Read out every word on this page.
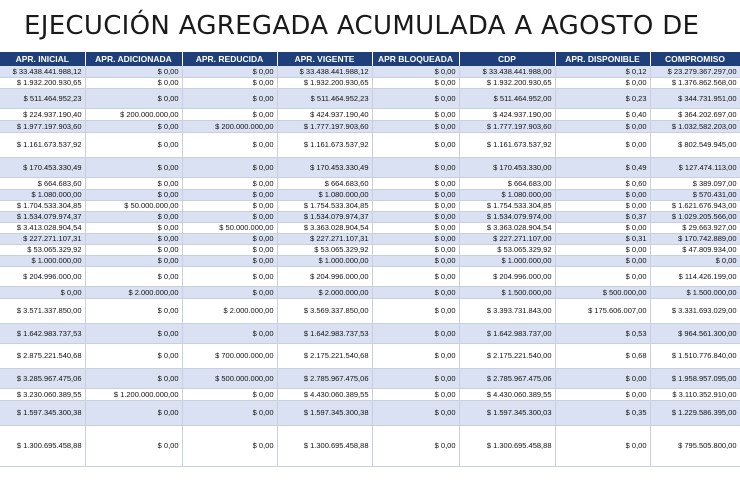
EJECUCIÓN AGREGADA ACUMULADA A AGOSTO DE
APR. INICIAL	APR. ADICIONADA	APR. REDUCIDA	APR. VIGENTE	APR BLOQUEADA	CDP	APR. DISPONIBLE	COMPROMISO
$ 33.438.441.988,12	$ 0,00	$ 0,00	$ 33.438.441.988,12	$ 0,00	$ 33.438.441.988,00	$ 0,12	$ 23.279.367.297,00
$ 1.932.200.930,65	$ 0,00	$ 0,00	$ 1.932.200.930,65	$ 0,00	$ 1.932.200.930,65	$ 0,00	$ 1.376.862.568,00
$ 511.464.952,23	$ 0,00	$ 0,00	$ 511.464.952,23	$ 0,00	$ 511.464.952,00	$ 0,23	$ 344.731.951,00
$ 224.937.190,40	$ 200.000.000,00	$ 0,00	$ 424.937.190,40	$ 0,00	$ 424.937.190,00	$ 0,40	$ 364.202.697,00
$ 1.977.197.903,60	$ 0,00	$ 200.000.000,00	$ 1.777.197.903,60	$ 0,00	$ 1.777.197.903,60	$ 0,00	$ 1.032.582.203,00
$ 1.161.673.537,92	$ 0,00	$ 0,00	$ 1.161.673.537,92	$ 0,00	$ 1.161.673.537,92	$ 0,00	$ 802.549.945,00
$ 170.453.330,49	$ 0,00	$ 0,00	$ 170.453.330,49	$ 0,00	$ 170.453.330,00	$ 0,49	$ 127.474.113,00
$ 664.683,60	$ 0,00	$ 0,00	$ 664.683,60	$ 0,00	$ 664.683,00	$ 0,60	$ 389.097,00
$ 1.080.000,00	$ 0,00	$ 0,00	$ 1.080.000,00	$ 0,00	$ 1.080.000,00	$ 0,00	$ 570.431,00
$ 1.704.533.304,85	$ 50.000.000,00	$ 0,00	$ 1.754.533.304,85	$ 0,00	$ 1.754.533.304,85	$ 0,00	$ 1.621.676.943,00
$ 1.534.079.974,37	$ 0,00	$ 0,00	$ 1.534.079.974,37	$ 0,00	$ 1.534.079.974,00	$ 0,37	$ 1.029.205.566,00
$ 3.413.028.904,54	$ 0,00	$ 50.000.000,00	$ 3.363.028.904,54	$ 0,00	$ 3.363.028.904,54	$ 0,00	$ 29.663.927,00
$ 227.271.107,31	$ 0,00	$ 0,00	$ 227.271.107,31	$ 0,00	$ 227.271.107,00	$ 0,31	$ 170.742.889,00
$ 53.065.329,92	$ 0,00	$ 0,00	$ 53.065.329,92	$ 0,00	$ 53.065.329,92	$ 0,00	$ 47.809.934,00
$ 1.000.000,00	$ 0,00	$ 0,00	$ 1.000.000,00	$ 0,00	$ 1.000.000,00	$ 0,00	$ 0,00
$ 204.996.000,00	$ 0,00	$ 0,00	$ 204.996.000,00	$ 0,00	$ 204.996.000,00	$ 0,00	$ 114.426.199,00
$ 0,00	$ 2.000.000,00	$ 0,00	$ 2.000.000,00	$ 0,00	$ 1.500.000,00	$ 500.000,00	$ 1.500.000,00
$ 3.571.337.850,00	$ 0,00	$ 2.000.000,00	$ 3.569.337.850,00	$ 0,00	$ 3.393.731.843,00	$ 175.606.007,00	$ 3.331.693.029,00
$ 1.642.983.737,53	$ 0,00	$ 0,00	$ 1.642.983.737,53	$ 0,00	$ 1.642.983.737,00	$ 0,53	$ 964.561.300,00
$ 2.875.221.540,68	$ 0,00	$ 700.000.000,00	$ 2.175.221.540,68	$ 0,00	$ 2.175.221.540,00	$ 0,68	$ 1.510.776.840,00
$ 3.285.967.475,06	$ 0,00	$ 500.000.000,00	$ 2.785.967.475,06	$ 0,00	$ 2.785.967.475,06	$ 0,00	$ 1.958.957.095,00
$ 3.230.060.389,55	$ 1.200.000.000,00	$ 0,00	$ 4.430.060.389,55	$ 0,00	$ 4.430.060.389,55	$ 0,00	$ 3.110.352.910,00
$ 1.597.345.300,38	$ 0,00	$ 0,00	$ 1.597.345.300,38	$ 0,00	$ 1.597.345.300,03	$ 0,35	$ 1.229.586.395,00
$ 1.300.695.458,88	$ 0,00	$ 0,00	$ 1.300.695.458,88	$ 0,00	$ 1.300.695.458,88	$ 0,00	$ 795.505.800,00
